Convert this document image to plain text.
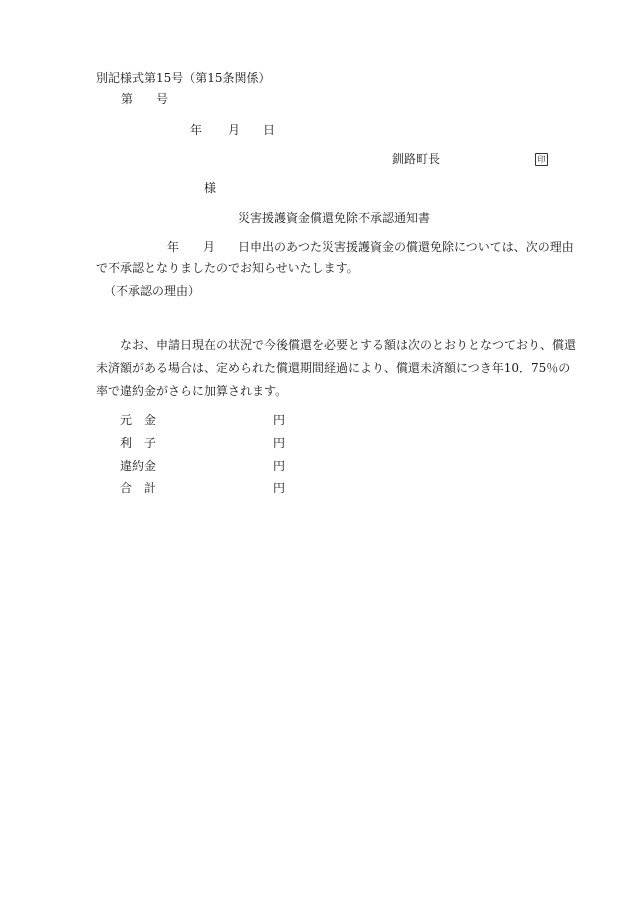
別記様式第15号（第15条関係）
第 号
年 月 日
釧路町長	印
様
災害援護資金償還免除不承認通知書
年 月 日申出のあつた災害援護資金の償還免除については、次の理由
で不承認となりましたのでお知らせいたします。
（不承認の理由）
なお、申請日現在の状況で今後償還を必要とする額は次のとおりとなつており、償還
未済額がある場合は、定められた償還期間経過により、償還未済額につき年10．75％の
率で違約金がさらに加算されます。
元　金	円
利　子	円
違約金	円
合　計	円
